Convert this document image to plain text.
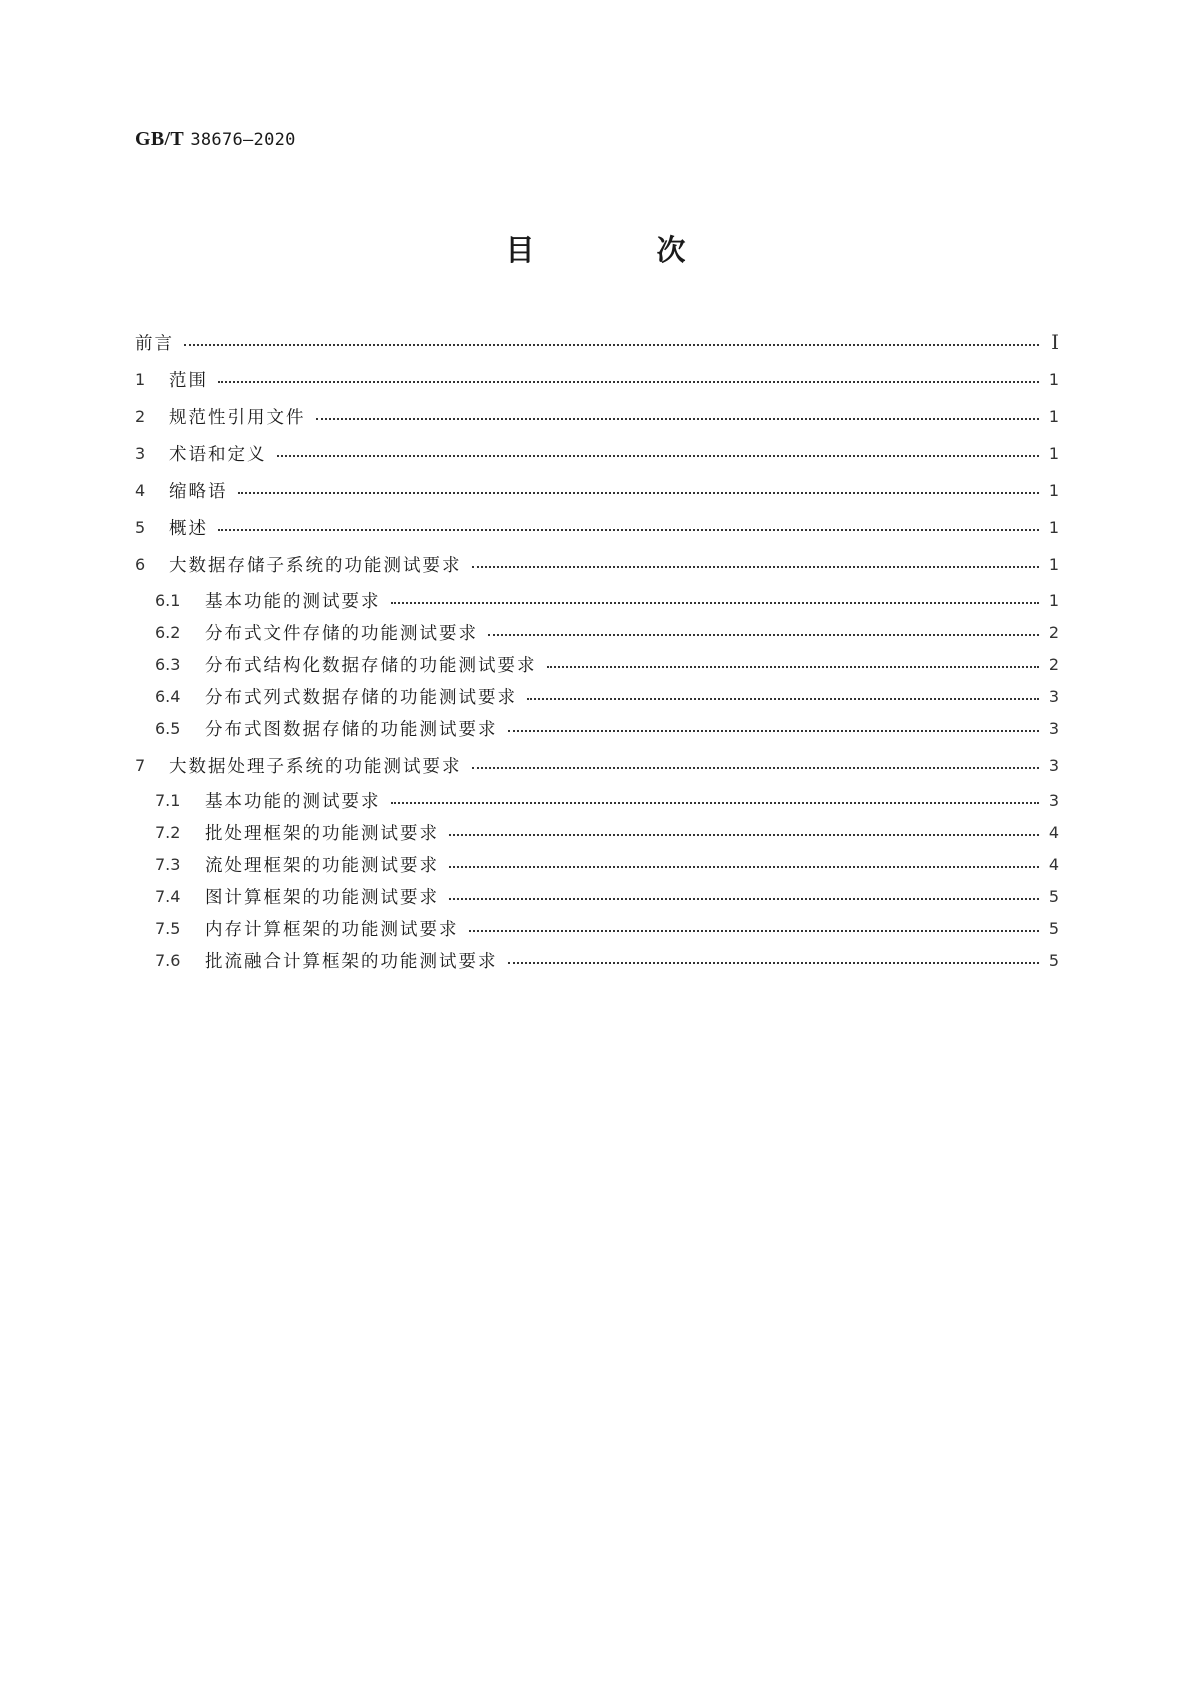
GB/T 38676—2020
目 次
前言	Ⅰ
1	范围	1
2	规范性引用文件	1
3	术语和定义	1
4	缩略语	1
5	概述	1
6	大数据存储子系统的功能测试要求	1
6.1	基本功能的测试要求	1
6.2	分布式文件存储的功能测试要求	2
6.3	分布式结构化数据存储的功能测试要求	2
6.4	分布式列式数据存储的功能测试要求	3
6.5	分布式图数据存储的功能测试要求	3
7	大数据处理子系统的功能测试要求	3
7.1	基本功能的测试要求	3
7.2	批处理框架的功能测试要求	4
7.3	流处理框架的功能测试要求	4
7.4	图计算框架的功能测试要求	5
7.5	内存计算框架的功能测试要求	5
7.6	批流融合计算框架的功能测试要求	5
